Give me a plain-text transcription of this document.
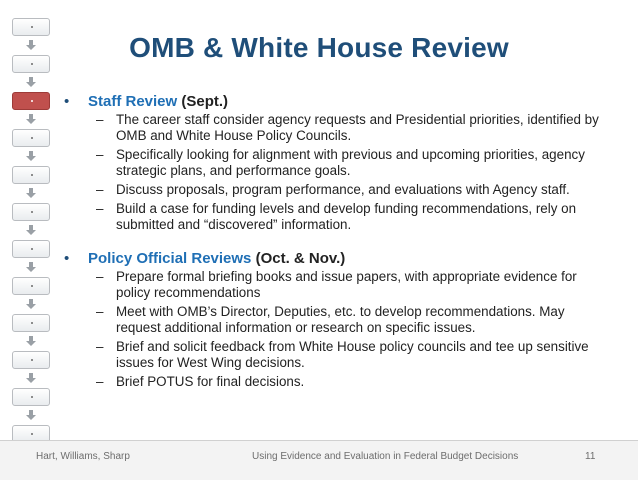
OMB & White House Review
• Staff Review (Sept.)
– The career staff consider agency requests and Presidential priorities, identified by OMB and White House Policy Councils.
– Specifically looking for alignment with previous and upcoming priorities, agency strategic plans, and performance goals.
– Discuss proposals, program performance, and evaluations with Agency staff.
– Build a case for funding levels and develop funding recommendations, rely on submitted and “discovered” information.
• Policy Official Reviews (Oct. & Nov.)
– Prepare formal briefing books and issue papers, with appropriate evidence for policy recommendations
– Meet with OMB’s Director, Deputies, etc. to develop recommendations. May request additional information or research on specific issues.
– Brief and solicit feedback from White House policy councils and tee up sensitive issues for West Wing decisions.
– Brief POTUS for final decisions.
Hart, Williams, Sharp	Using Evidence and Evaluation in Federal Budget Decisions	11
